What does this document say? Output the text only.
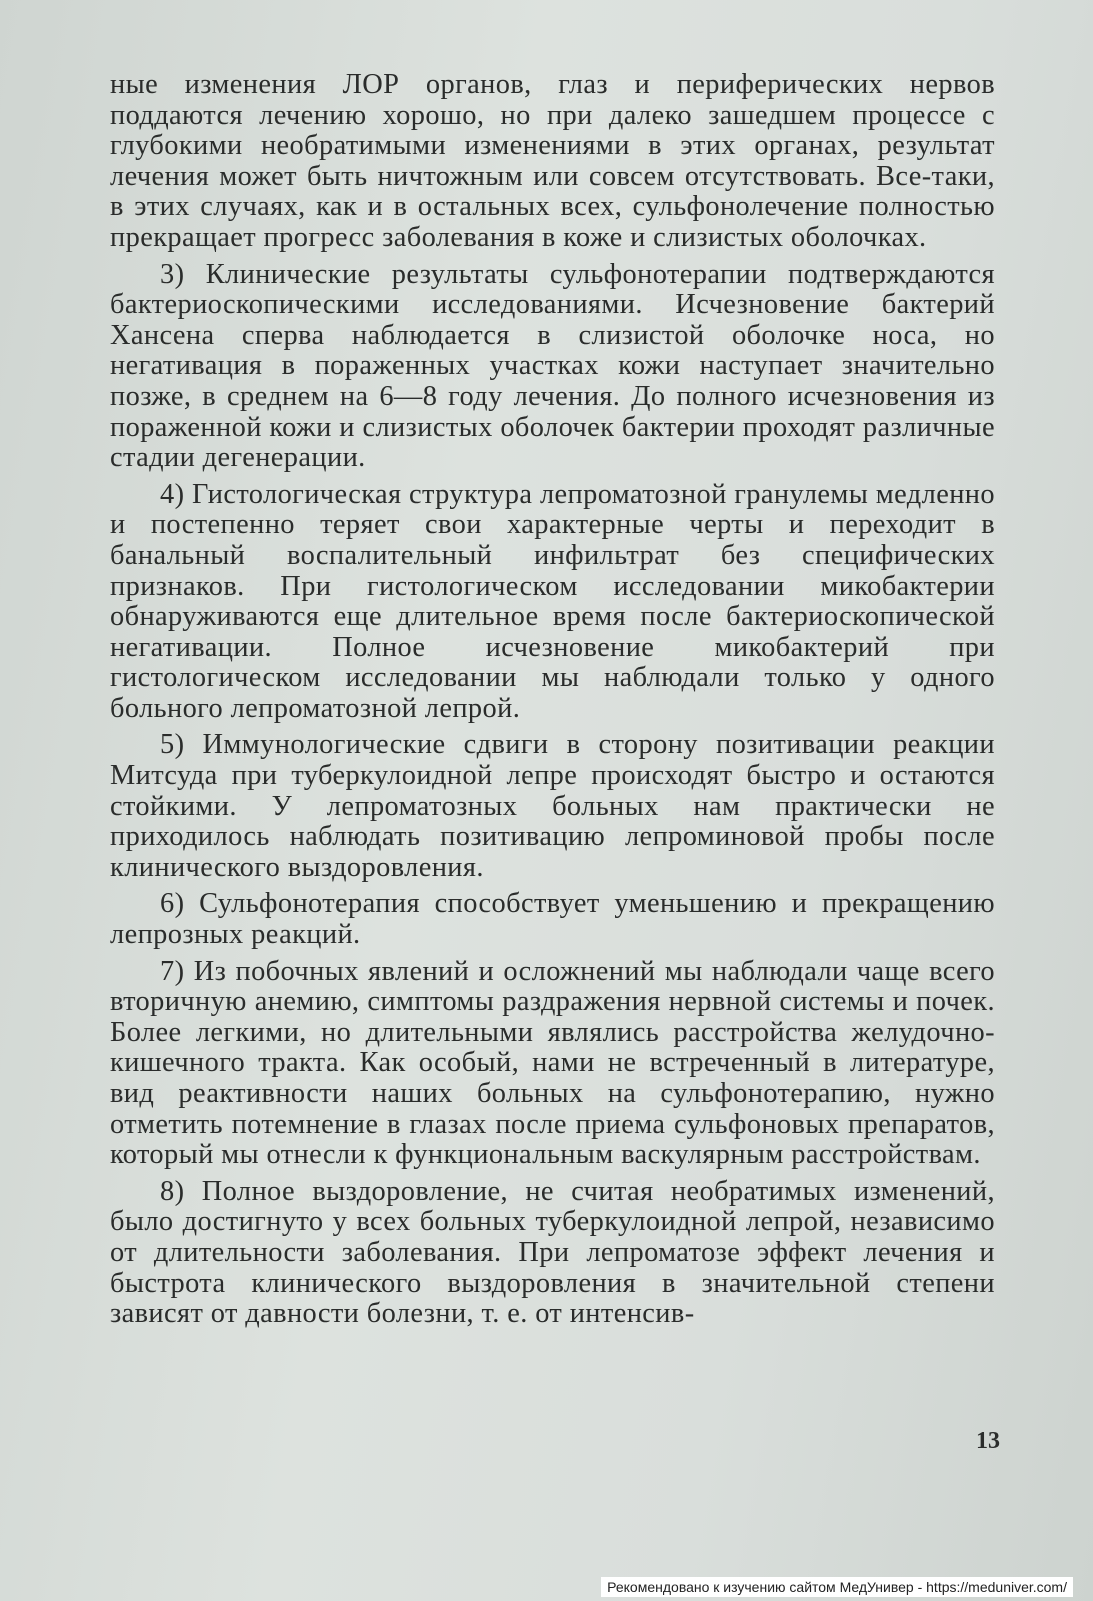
ные изменения ЛОР органов, глаз и периферических нервов поддаются лечению хорошо, но при далеко зашедшем процессе с глубокими необратимыми изменениями в этих органах, результат лечения может быть ничтожным или совсем отсутствовать. Все-таки, в этих случаях, как и в остальных всех, сульфонолечение полностью прекращает прогресс заболевания в коже и слизистых оболочках.

3) Клинические результаты сульфонотерапии подтверждаются бактериоскопическими исследованиями. Исчезновение бактерий Хансена сперва наблюдается в слизистой оболочке носа, но негативация в пораженных участках кожи наступает значительно позже, в среднем на 6—8 году лечения. До полного исчезновения из пораженной кожи и слизистых оболочек бактерии проходят различные стадии дегенерации.

4) Гистологическая структура лепроматозной гранулемы медленно и постепенно теряет свои характерные черты и переходит в банальный воспалительный инфильтрат без специфических признаков. При гистологическом исследовании микобактерии обнаруживаются еще длительное время после бактериоскопической негативации. Полное исчезновение микобактерий при гистологическом исследовании мы наблюдали только у одного больного лепроматозной лепрой.

5) Иммунологические сдвиги в сторону позитивации реакции Митсуда при туберкулоидной лепре происходят быстро и остаются стойкими. У лепроматозных больных нам практически не приходилось наблюдать позитивацию лепроминовой пробы после клинического выздоровления.

6) Сульфонотерапия способствует уменьшению и прекращению лепрозных реакций.

7) Из побочных явлений и осложнений мы наблюдали чаще всего вторичную анемию, симптомы раздражения нервной системы и почек. Более легкими, но длительными являлись расстройства желудочно-кишечного тракта. Как особый, нами не встреченный в литературе, вид реактивности наших больных на сульфонотерапию, нужно отметить потемнение в глазах после приема сульфоновых препаратов, который мы отнесли к функциональным васкулярным расстройствам.

8) Полное выздоровление, не считая необратимых изменений, было достигнуто у всех больных туберкулоидной лепрой, независимо от длительности заболевания. При лепроматозе эффект лечения и быстрота клинического выздоровления в значительной степени зависят от давности болезни, т. е. от интенсив-

13
Рекомендовано к изучению сайтом МедУнивер - https://meduniver.com/
